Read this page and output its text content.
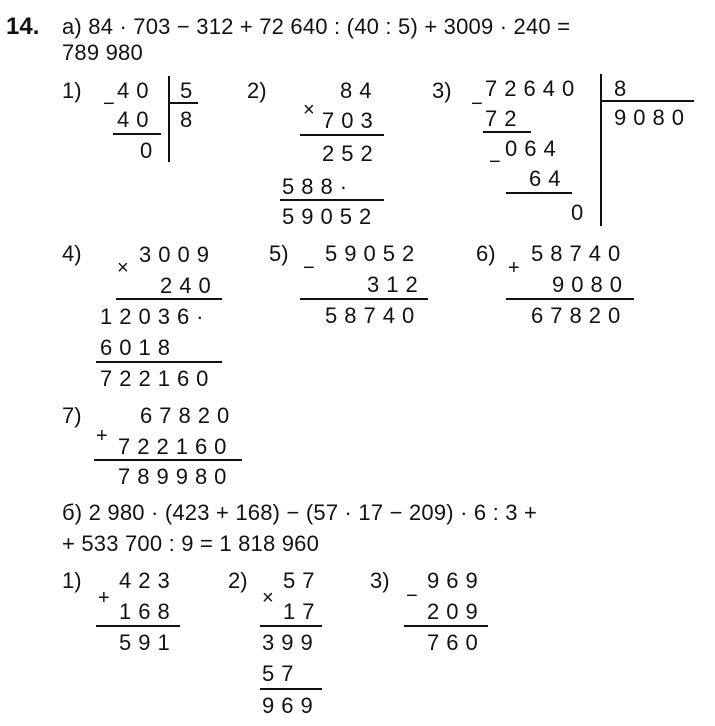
14. а) 84 · 703 − 312 + 72 640 : (40 : 5) + 3009 · 240 =
789 980
1)
−
40 5
40 8
0
2)	84
× 703
252
588·
59052
3)
−
72640 8
9080
72
−
064
64
0
4)
×
3009
240
12036·
6018
722160
5)
−
59052
312
58740
6)
+
58740
9080
67820
7)
+
67820
722160
789980
б) 2 980 · (423 + 168) − (57 · 17 − 209) · 6 : 3 +
+ 533 700 : 9 = 1 818 960
1)
+
423
168
591
2)
×
57
17
399
57
969
3)
−
969
209
760
